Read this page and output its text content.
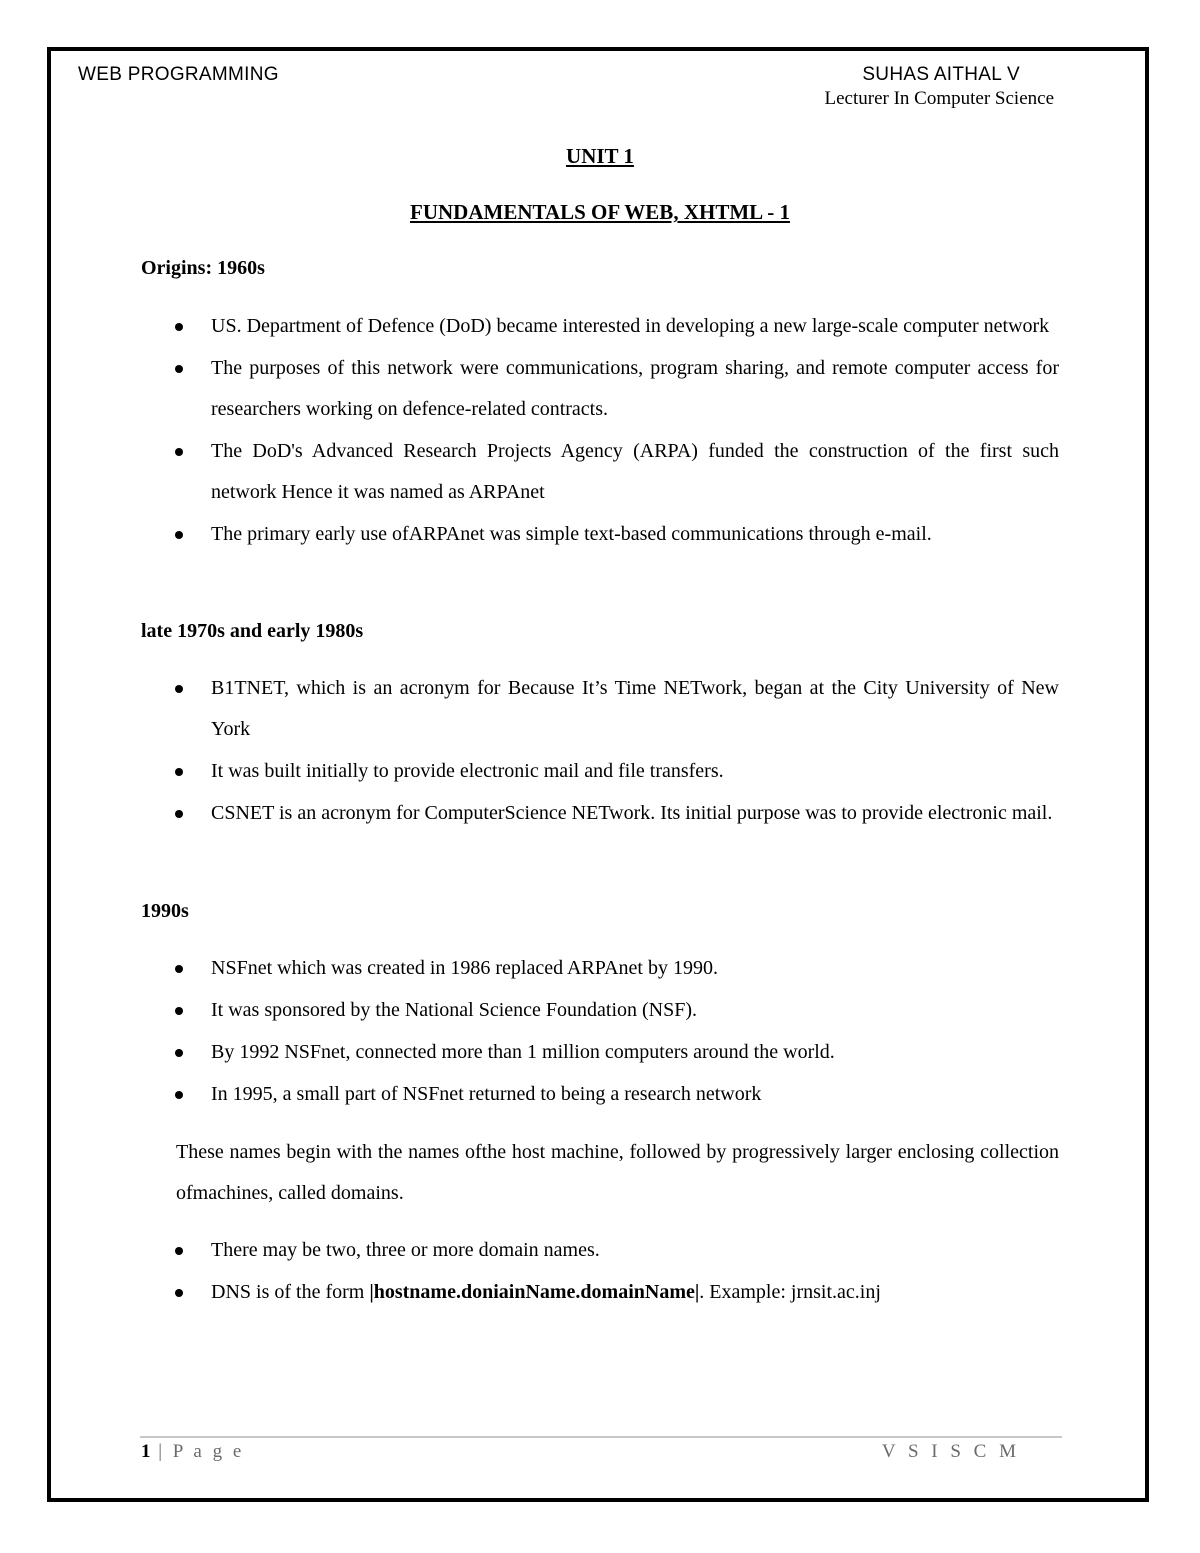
WEB PROGRAMMING	SUHAS AITHAL V
Lecturer In Computer Science
UNIT 1
FUNDAMENTALS OF WEB, XHTML - 1
Origins: 1960s
US. Department of Defence (DoD) became interested in developing a new large-scale computer network
The purposes of this network were communications, program sharing, and remote computer access for researchers working on defence-related contracts.
The DoD's Advanced Research Projects Agency (ARPA) funded the construction of the first such network Hence it was named as ARPAnet
The primary early use ofARPAnet was simple text-based communications through e-mail.
late 1970s and early 1980s
B1TNET, which is an acronym for Because It’s Time NETwork, began at the City University of New York
It was built initially to provide electronic mail and file transfers.
CSNET is an acronym for ComputerScience NETwork. Its initial purpose was to provide electronic mail.
1990s
NSFnet which was created in 1986 replaced ARPAnet by 1990.
It was sponsored by the National Science Foundation (NSF).
By 1992 NSFnet, connected more than 1 million computers around the world.
In 1995, a small part of NSFnet returned to being a research network

These names begin with the names ofthe host machine, followed by progressively larger enclosing collection ofmachines, called domains.

There may be two, three or more domain names.
DNS is of the form |hostname.doniainName.domainName|. Example: jrnsit.ac.inj
1 | P a g e	V S I S C M
